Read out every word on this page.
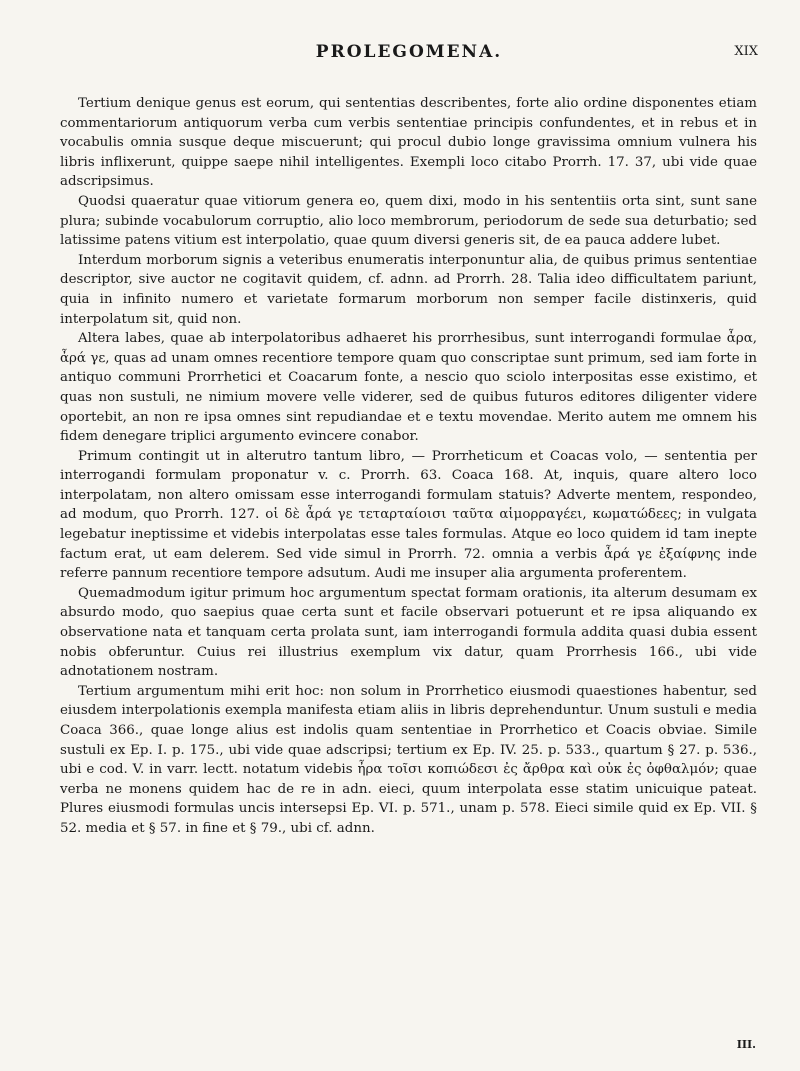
PROLEGOMENA.	XIX

Tertium denique genus est eorum, qui sententias describentes, forte alio ordine disponentes etiam commentariorum antiquorum verba cum verbis sententiae principis confundentes, et in rebus et in vocabulis omnia susque deque miscuerunt; qui procul dubio longe gravissima omnium vulnera his libris inflixerunt, quippe saepe nihil intelligentes. Exempli loco citabo Prorrh. 17. 37, ubi vide quae adscripsimus.

Quodsi quaeratur quae vitiorum genera eo, quem dixi, modo in his sententiis orta sint, sunt sane plura; subinde vocabulorum corruptio, alio loco membrorum, periodorum de sede sua deturbatio; sed latissime patens vitium est interpolatio, quae quum diversi generis sit, de ea pauca addere lubet.

Interdum morborum signis a veteribus enumeratis interponuntur alia, de quibus primus sententiae descriptor, sive auctor ne cogitavit quidem, cf. adnn. ad Prorrh. 28. Talia ideo difficultatem pariunt, quia in infinito numero et varietate formarum morborum non semper facile distinxeris, quid interpolatum sit, quid non.

Altera labes, quae ab interpolatoribus adhaeret his prorrhesibus, sunt interrogandi formulae ἆρα, ἆρά γε, quas ad unam omnes recentiore tempore quam quo conscriptae sunt primum, sed iam forte in antiquo communi Prorrhetici et Coacarum fonte, a nescio quo sciolo interpositas esse existimo, et quas non sustuli, ne nimium movere velle viderer, sed de quibus futuros editores diligenter videre oportebit, an non re ipsa omnes sint repudiandae et e textu movendae. Merito autem me omnem his fidem denegare triplici argumento evincere conabor.

Primum contingit ut in alterutro tantum libro, — Prorrheticum et Coacas volo, — sententia per interrogandi formulam proponatur v. c. Prorrh. 63. Coaca 168. At, inquis, quare altero loco interpolatam, non altero omissam esse interrogandi formulam statuis? Adverte mentem, respondeo, ad modum, quo Prorrh. 127. οἱ δὲ ἆρά γε τεταρταίοισι ταῦτα αἱμορραγέει, κωματώδεες; in vulgata legebatur ineptissime et videbis interpolatas esse tales formulas. Atque eo loco quidem id tam inepte factum erat, ut eam delerem. Sed vide simul in Prorrh. 72. omnia a verbis ἆρά γε ἐξαίφνης inde referre pannum recentiore tempore adsutum. Audi me insuper alia argumenta proferentem.

Quemadmodum igitur primum hoc argumentum spectat formam orationis, ita alterum desumam ex absurdo modo, quo saepius quae certa sunt et facile observari potuerunt et re ipsa aliquando ex observatione nata et tanquam certa prolata sunt, iam interrogandi formula addita quasi dubia essent nobis obferuntur. Cuius rei illustrius exemplum vix datur, quam Prorrhesis 166., ubi vide adnotationem nostram.

Tertium argumentum mihi erit hoc: non solum in Prorrhetico eiusmodi quaestiones habentur, sed eiusdem interpolationis exempla manifesta etiam aliis in libris deprehenduntur. Unum sustuli e media Coaca 366., quae longe alius est indolis quam sententiae in Prorrhetico et Coacis obviae. Simile sustuli ex Ep. I. p. 175., ubi vide quae adscripsi; tertium ex Ep. IV. 25. p. 533., quartum § 27. p. 536., ubi e cod. V. in varr. lectt. notatum videbis ἦρα τοῖσι κοπιώδεσι ἐς ἄρθρα καὶ οὐκ ἐς ὀφθαλμόν; quae verba ne monens quidem hac de re in adn. eieci, quum interpolata esse statim unicuique pateat. Plures eiusmodi formulas uncis intersepsi Ep. VI. p. 571., unam p. 578. Eieci simile quid ex Ep. VII. § 52. media et § 57. in fine et § 79., ubi cf. adnn.

III.
